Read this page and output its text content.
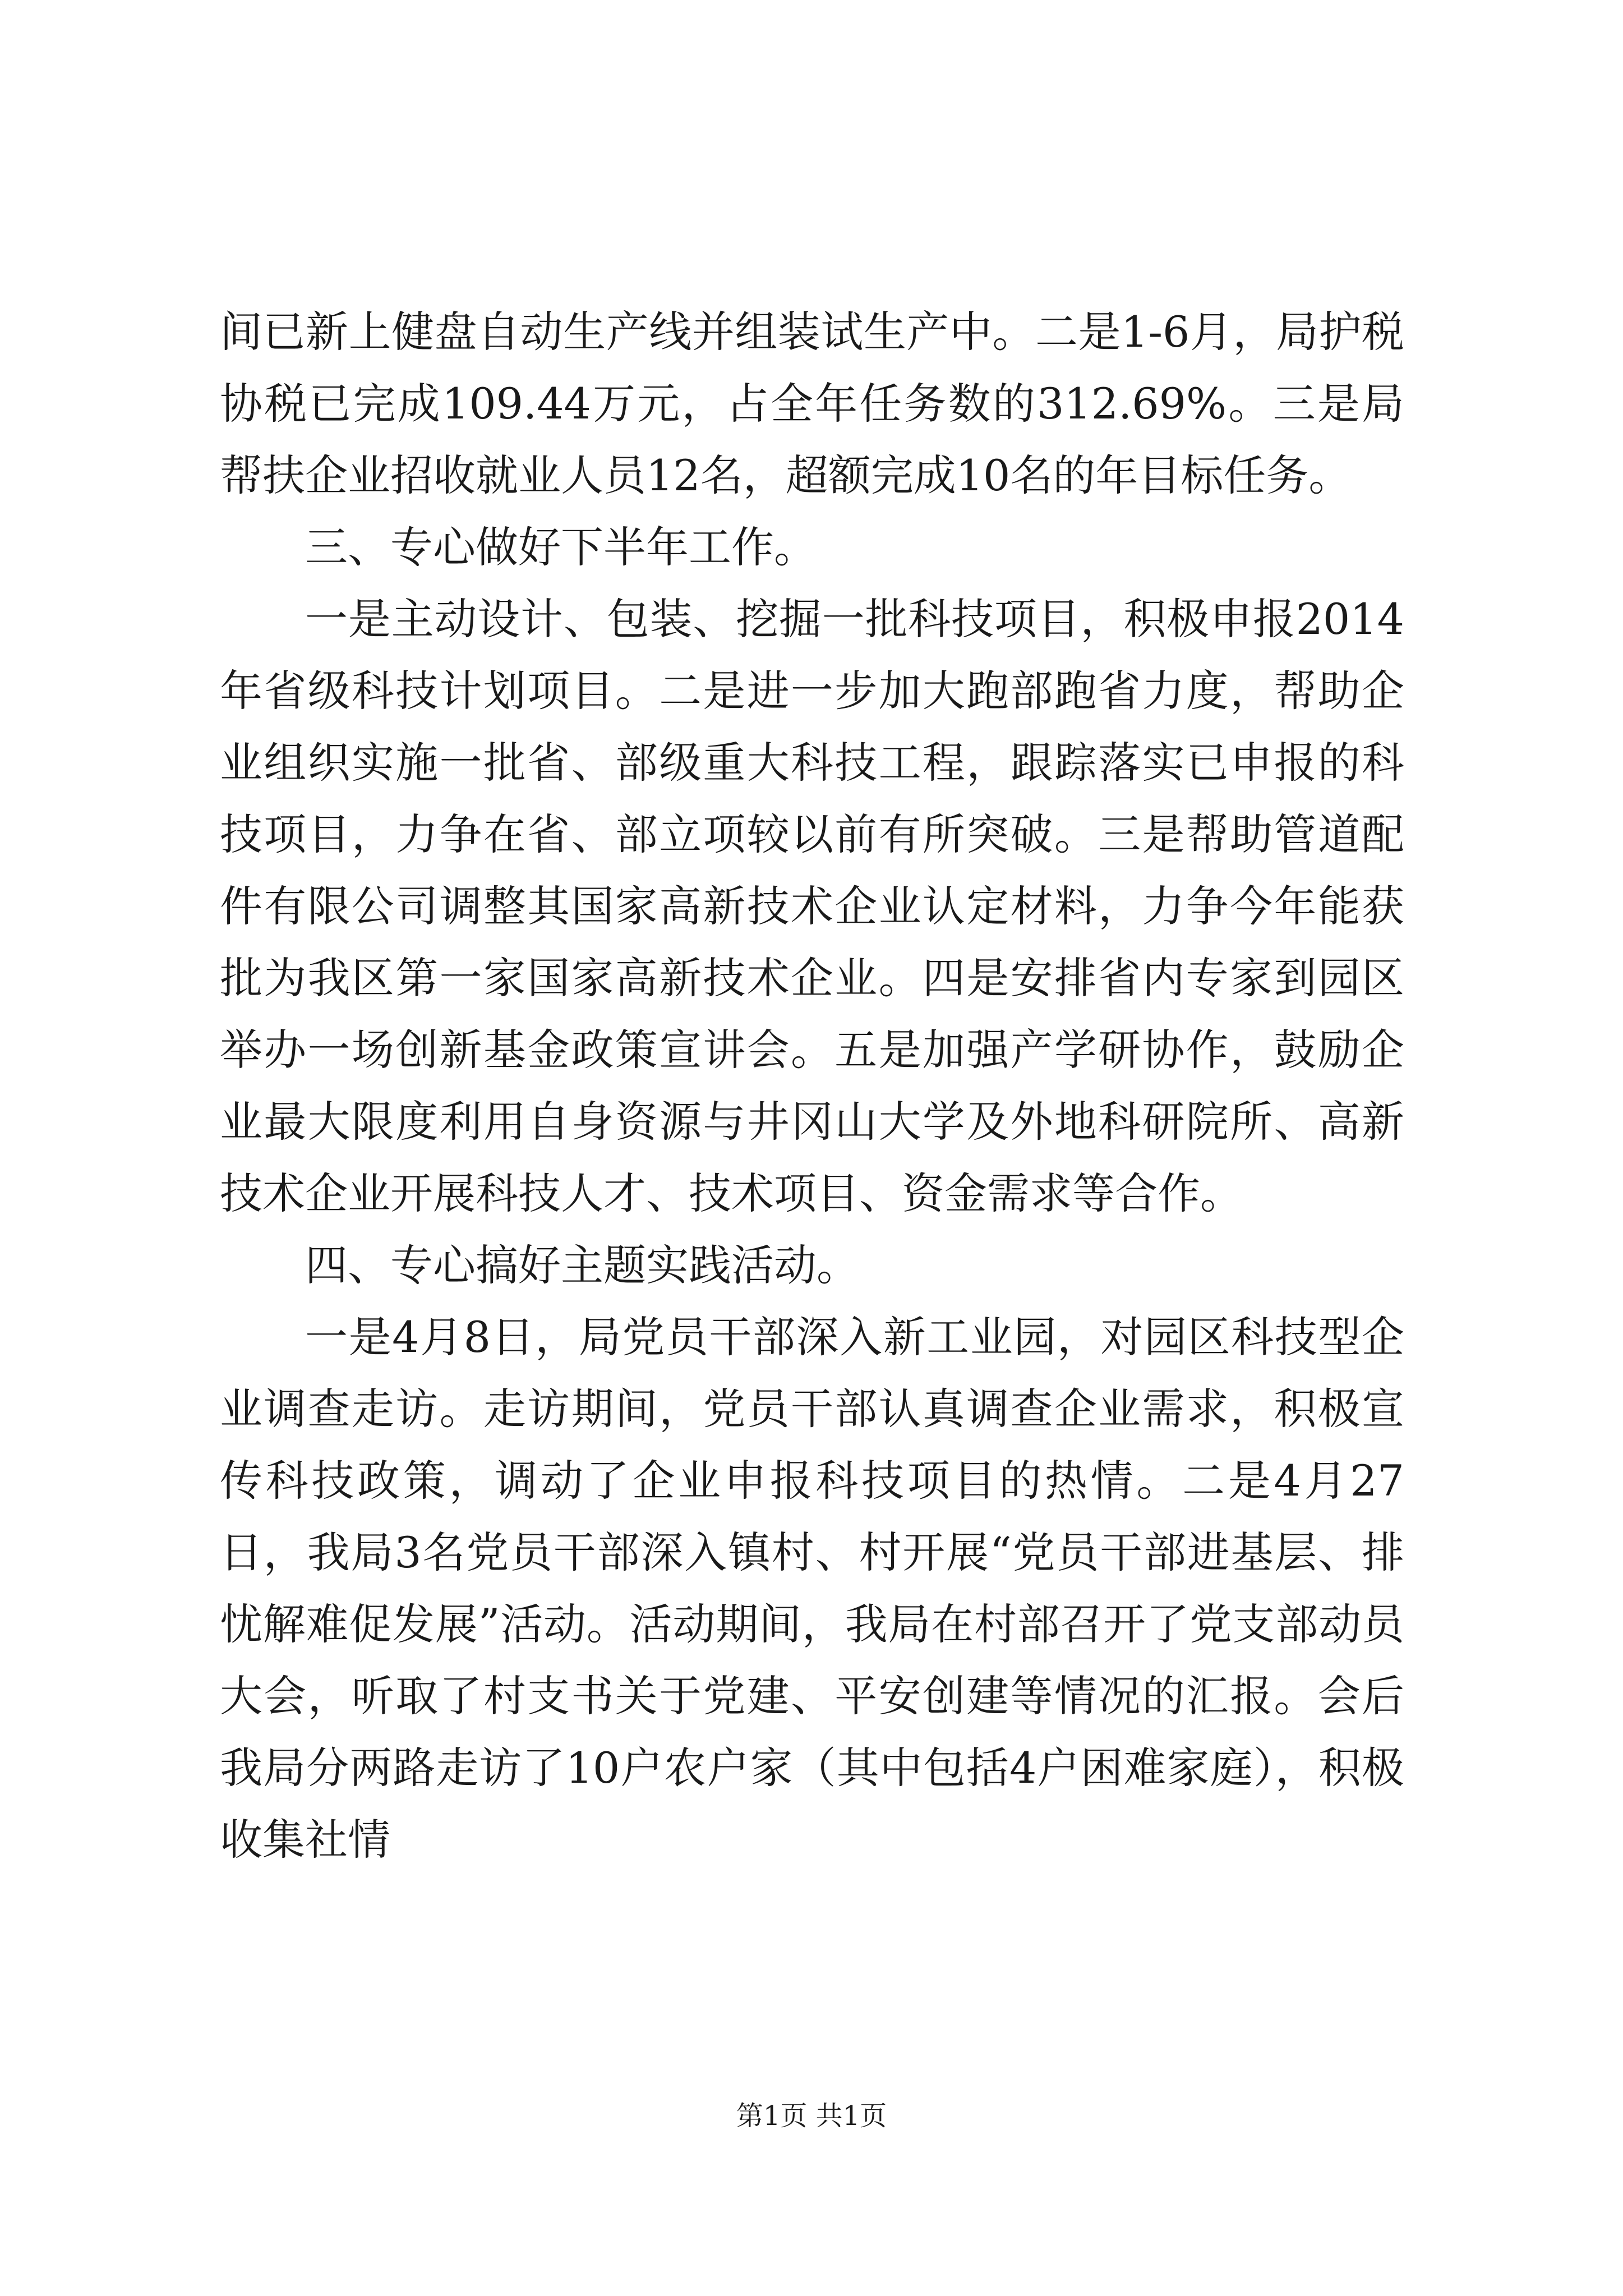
间已新上健盘自动生产线并组装试生产中。二是1-6月，局护税协税已完成109.44万元，占全年任务数的312.69%。三是局帮扶企业招收就业人员12名，超额完成10名的年目标任务。

三、专心做好下半年工作。

一是主动设计、包装、挖掘一批科技项目，积极申报2014年省级科技计划项目。二是进一步加大跑部跑省力度，帮助企业组织实施一批省、部级重大科技工程，跟踪落实已申报的科技项目，力争在省、部立项较以前有所突破。三是帮助管道配件有限公司调整其国家高新技术企业认定材料，力争今年能获批为我区第一家国家高新技术企业。四是安排省内专家到园区举办一场创新基金政策宣讲会。五是加强产学研协作，鼓励企业最大限度利用自身资源与井冈山大学及外地科研院所、高新技术企业开展科技人才、技术项目、资金需求等合作。

四、专心搞好主题实践活动。

一是4月8日，局党员干部深入新工业园，对园区科技型企业调查走访。走访期间，党员干部认真调查企业需求，积极宣传科技政策，调动了企业申报科技项目的热情。二是4月27日，我局3名党员干部深入镇村、村开展“党员干部进基层、排忧解难促发展”活动。活动期间，我局在村部召开了党支部动员大会，听取了村支书关于党建、平安创建等情况的汇报。会后我局分两路走访了10户农户家（其中包括4户困难家庭），积极收集社情

第1页 共1页
